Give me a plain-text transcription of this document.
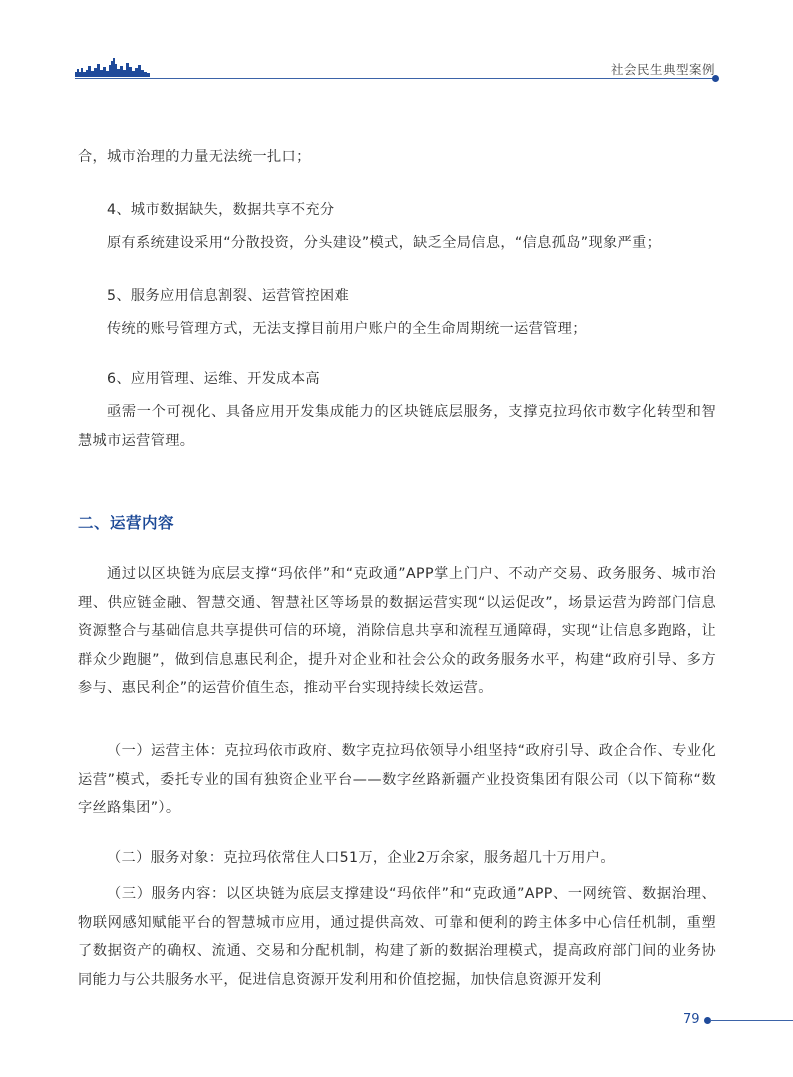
社会民生典型案例
合，城市治理的力量无法统一扎口；
4、城市数据缺失，数据共享不充分
原有系统建设采用“分散投资，分头建设”模式，缺乏全局信息，“信息孤岛”现象严重；
5、服务应用信息割裂、运营管控困难
传统的账号管理方式，无法支撑目前用户账户的全生命周期统一运营管理；
6、应用管理、运维、开发成本高
亟需一个可视化、具备应用开发集成能力的区块链底层服务，支撑克拉玛依市数字化转型和智慧城市运营管理。
二、运营内容
通过以区块链为底层支撑“玛依伴”和“克政通”APP掌上门户、不动产交易、政务服务、城市治理、供应链金融、智慧交通、智慧社区等场景的数据运营实现“以运促改”，场景运营为跨部门信息资源整合与基础信息共享提供可信的环境，消除信息共享和流程互通障碍，实现“让信息多跑路，让群众少跑腿”，做到信息惠民利企，提升对企业和社会公众的政务服务水平，构建“政府引导、多方参与、惠民利企”的运营价值生态，推动平台实现持续长效运营。
（一）运营主体：克拉玛依市政府、数字克拉玛依领导小组坚持“政府引导、政企合作、专业化运营”模式，委托专业的国有独资企业平台——数字丝路新疆产业投资集团有限公司（以下简称“数字丝路集团”）。
（二）服务对象：克拉玛依常住人口51万，企业2万余家，服务超几十万用户。
（三）服务内容：以区块链为底层支撑建设“玛依伴”和“克政通”APP、一网统管、数据治理、物联网感知赋能平台的智慧城市应用，通过提供高效、可靠和便利的跨主体多中心信任机制，重塑了数据资产的确权、流通、交易和分配机制，构建了新的数据治理模式，提高政府部门间的业务协同能力与公共服务水平，促进信息资源开发利用和价值挖掘，加快信息资源开发利
79
